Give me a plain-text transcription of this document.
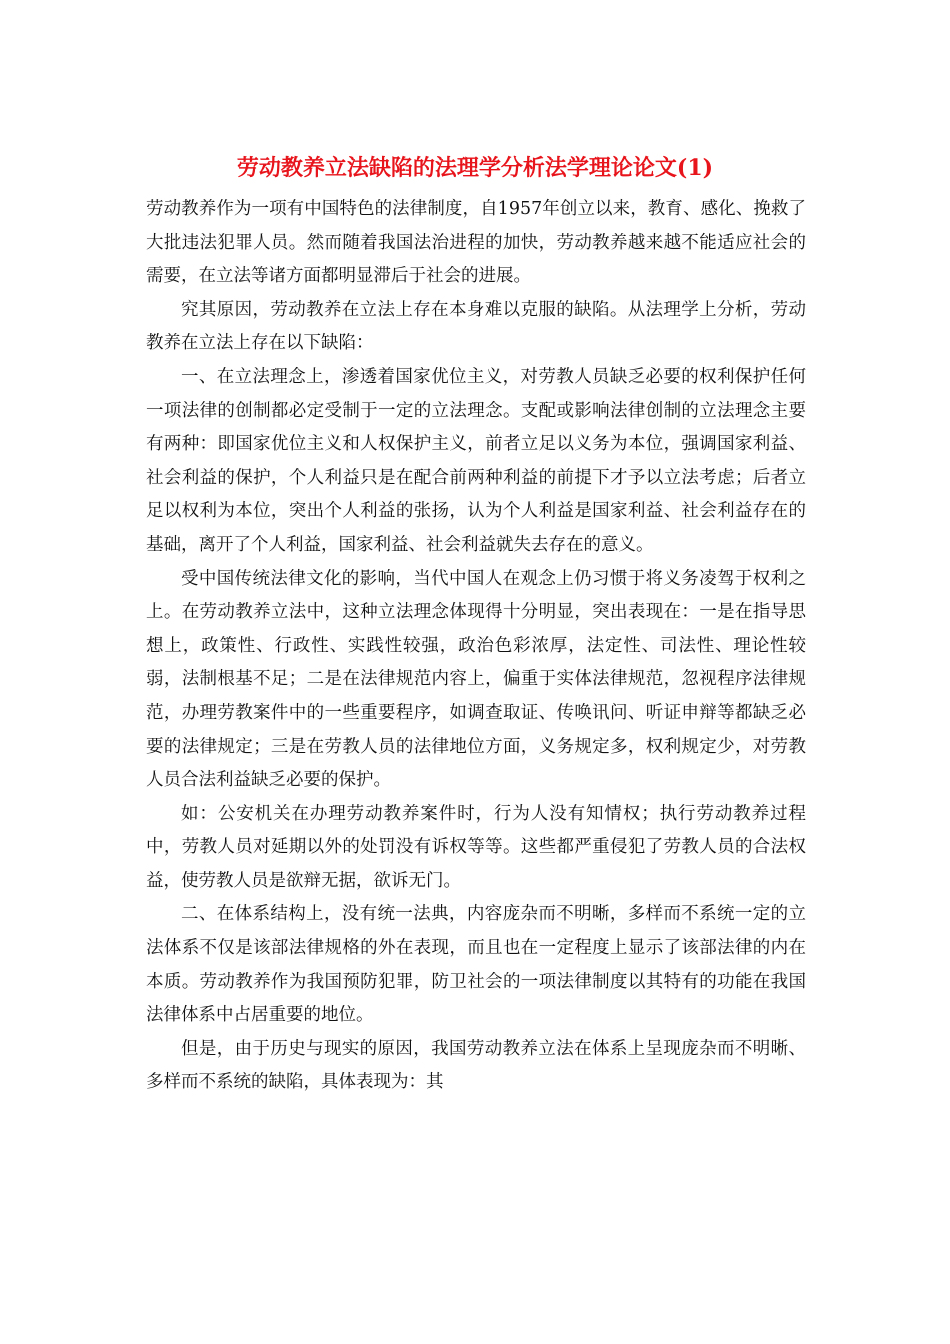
劳动教养立法缺陷的法理学分析法学理论论文(1)

劳动教养作为一项有中国特色的法律制度，自1957年创立以来，教育、感化、挽救了大批违法犯罪人员。然而随着我国法治进程的加快，劳动教养越来越不能适应社会的需要，在立法等诸方面都明显滞后于社会的进展。

究其原因，劳动教养在立法上存在本身难以克服的缺陷。从法理学上分析，劳动教养在立法上存在以下缺陷：

一、在立法理念上，渗透着国家优位主义，对劳教人员缺乏必要的权利保护任何一项法律的创制都必定受制于一定的立法理念。支配或影响法律创制的立法理念主要有两种：即国家优位主义和人权保护主义，前者立足以义务为本位，强调国家利益、社会利益的保护，个人利益只是在配合前两种利益的前提下才予以立法考虑；后者立足以权利为本位，突出个人利益的张扬，认为个人利益是国家利益、社会利益存在的基础，离开了个人利益，国家利益、社会利益就失去存在的意义。

受中国传统法律文化的影响，当代中国人在观念上仍习惯于将义务凌驾于权利之上。在劳动教养立法中，这种立法理念体现得十分明显，突出表现在：一是在指导思想上，政策性、行政性、实践性较强，政治色彩浓厚，法定性、司法性、理论性较弱，法制根基不足；二是在法律规范内容上，偏重于实体法律规范，忽视程序法律规范，办理劳教案件中的一些重要程序，如调查取证、传唤讯问、听证申辩等都缺乏必要的法律规定；三是在劳教人员的法律地位方面，义务规定多，权利规定少，对劳教人员合法利益缺乏必要的保护。

如：公安机关在办理劳动教养案件时，行为人没有知情权；执行劳动教养过程中，劳教人员对延期以外的处罚没有诉权等等。这些都严重侵犯了劳教人员的合法权益，使劳教人员是欲辩无据，欲诉无门。

二、在体系结构上，没有统一法典，内容庞杂而不明晰，多样而不系统一定的立法体系不仅是该部法律规格的外在表现，而且也在一定程度上显示了该部法律的内在本质。劳动教养作为我国预防犯罪，防卫社会的一项法律制度以其特有的功能在我国法律体系中占居重要的地位。

但是，由于历史与现实的原因，我国劳动教养立法在体系上呈现庞杂而不明晰、多样而不系统的缺陷，具体表现为：其
